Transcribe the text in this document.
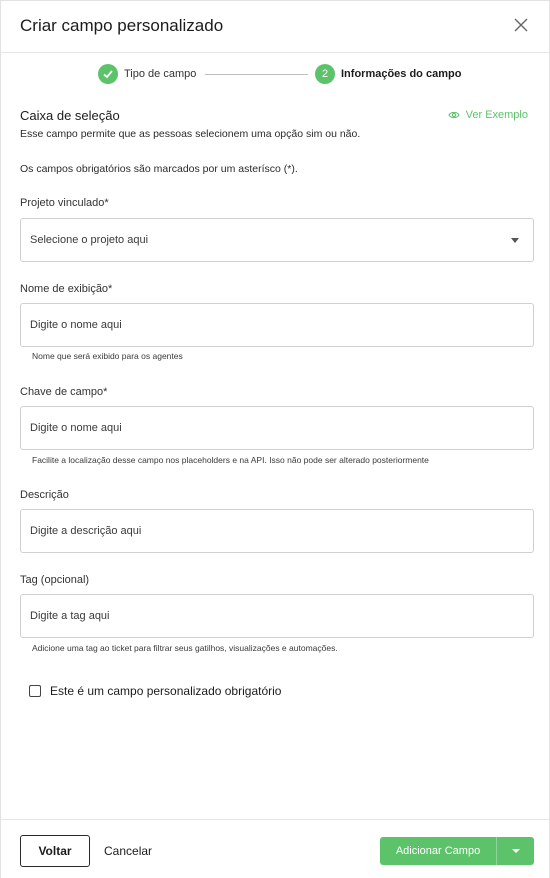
Criar campo personalizado
Tipo de campo	2	Informações do campo
Caixa de seleção	Ver Exemplo
Esse campo permite que as pessoas selecionem uma opção sim ou não.
Os campos obrigatórios são marcados por um asterísco (*).
Projeto vinculado*
Selecione o projeto aqui
Nome de exibição*
Digite o nome aqui
Nome que será exibido para os agentes
Chave de campo*
Digite o nome aqui
Facilite a localização desse campo nos placeholders e na API. Isso não pode ser alterado posteriormente
Descrição
Digite a descrição aqui
Tag (opcional)
Digite a tag aqui
Adicione uma tag ao ticket para filtrar seus gatilhos, visualizações e automações.
Este é um campo personalizado obrigatório
Voltar	Cancelar	Adicionar Campo
